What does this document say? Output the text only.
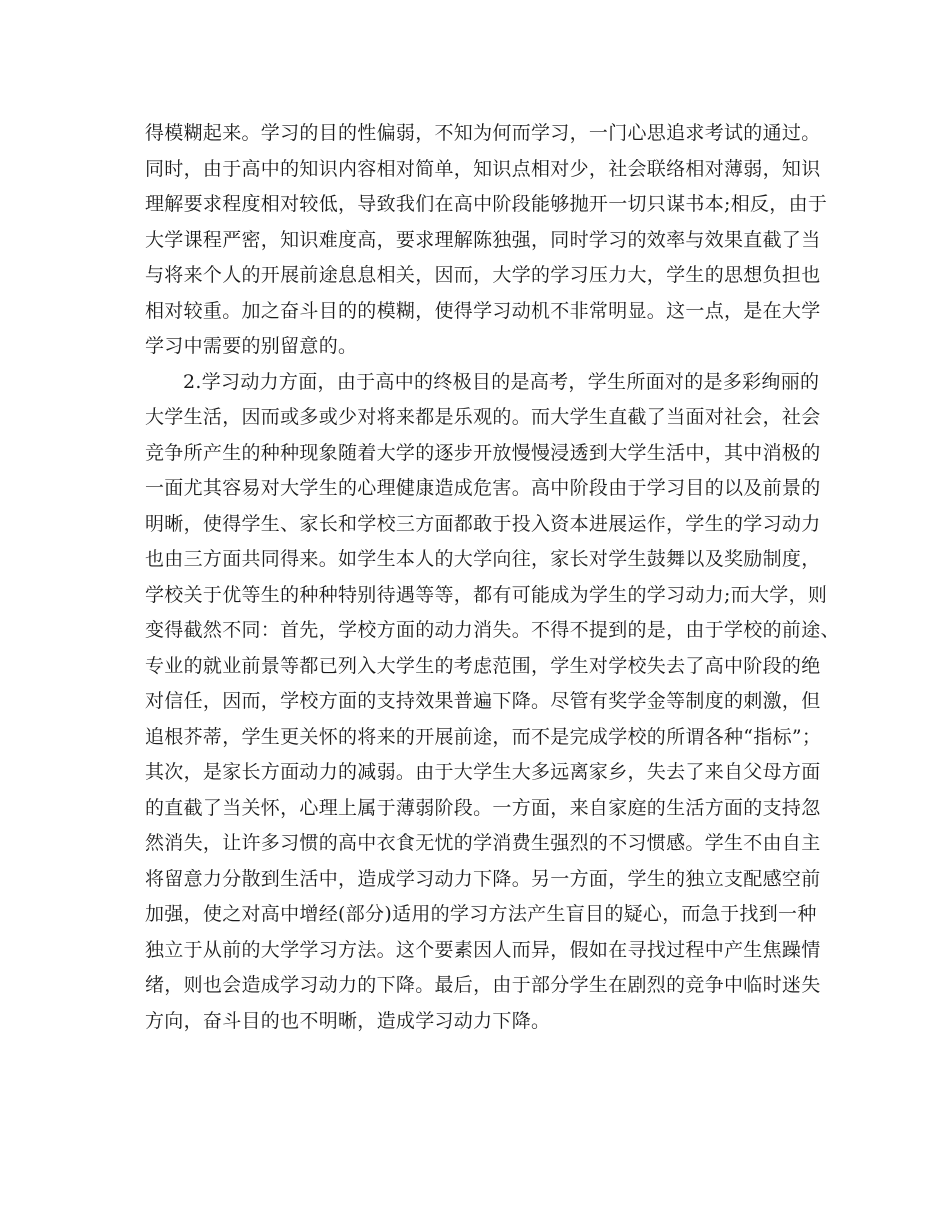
得模糊起来。学习的目的性偏弱，不知为何而学习，一门心思追求考试的通过。
同时，由于高中的知识内容相对简单，知识点相对少，社会联络相对薄弱，知识
理解要求程度相对较低，导致我们在高中阶段能够抛开一切只谋书本;相反，由于
大学课程严密，知识难度高，要求理解陈独强，同时学习的效率与效果直截了当
与将来个人的开展前途息息相关，因而，大学的学习压力大，学生的思想负担也
相对较重。加之奋斗目的的模糊，使得学习动机不非常明显。这一点，是在大学
学习中需要的别留意的。
2.学习动力方面，由于高中的终极目的是高考，学生所面对的是多彩绚丽的
大学生活，因而或多或少对将来都是乐观的。而大学生直截了当面对社会，社会
竞争所产生的种种现象随着大学的逐步开放慢慢浸透到大学生活中，其中消极的
一面尤其容易对大学生的心理健康造成危害。高中阶段由于学习目的以及前景的
明晰，使得学生、家长和学校三方面都敢于投入资本进展运作，学生的学习动力
也由三方面共同得来。如学生本人的大学向往，家长对学生鼓舞以及奖励制度，
学校关于优等生的种种特别待遇等等，都有可能成为学生的学习动力;而大学，则
变得截然不同：首先，学校方面的动力消失。不得不提到的是，由于学校的前途、
专业的就业前景等都已列入大学生的考虑范围，学生对学校失去了高中阶段的绝
对信任，因而，学校方面的支持效果普遍下降。尽管有奖学金等制度的刺激，但
追根芥蒂，学生更关怀的将来的开展前途，而不是完成学校的所谓各种“指标”；
其次，是家长方面动力的减弱。由于大学生大多远离家乡，失去了来自父母方面
的直截了当关怀，心理上属于薄弱阶段。一方面，来自家庭的生活方面的支持忽
然消失，让许多习惯的高中衣食无忧的学消费生强烈的不习惯感。学生不由自主
将留意力分散到生活中，造成学习动力下降。另一方面，学生的独立支配感空前
加强，使之对高中增经(部分)适用的学习方法产生盲目的疑心，而急于找到一种
独立于从前的大学学习方法。这个要素因人而异，假如在寻找过程中产生焦躁情
绪，则也会造成学习动力的下降。最后，由于部分学生在剧烈的竞争中临时迷失
方向，奋斗目的也不明晰，造成学习动力下降。
